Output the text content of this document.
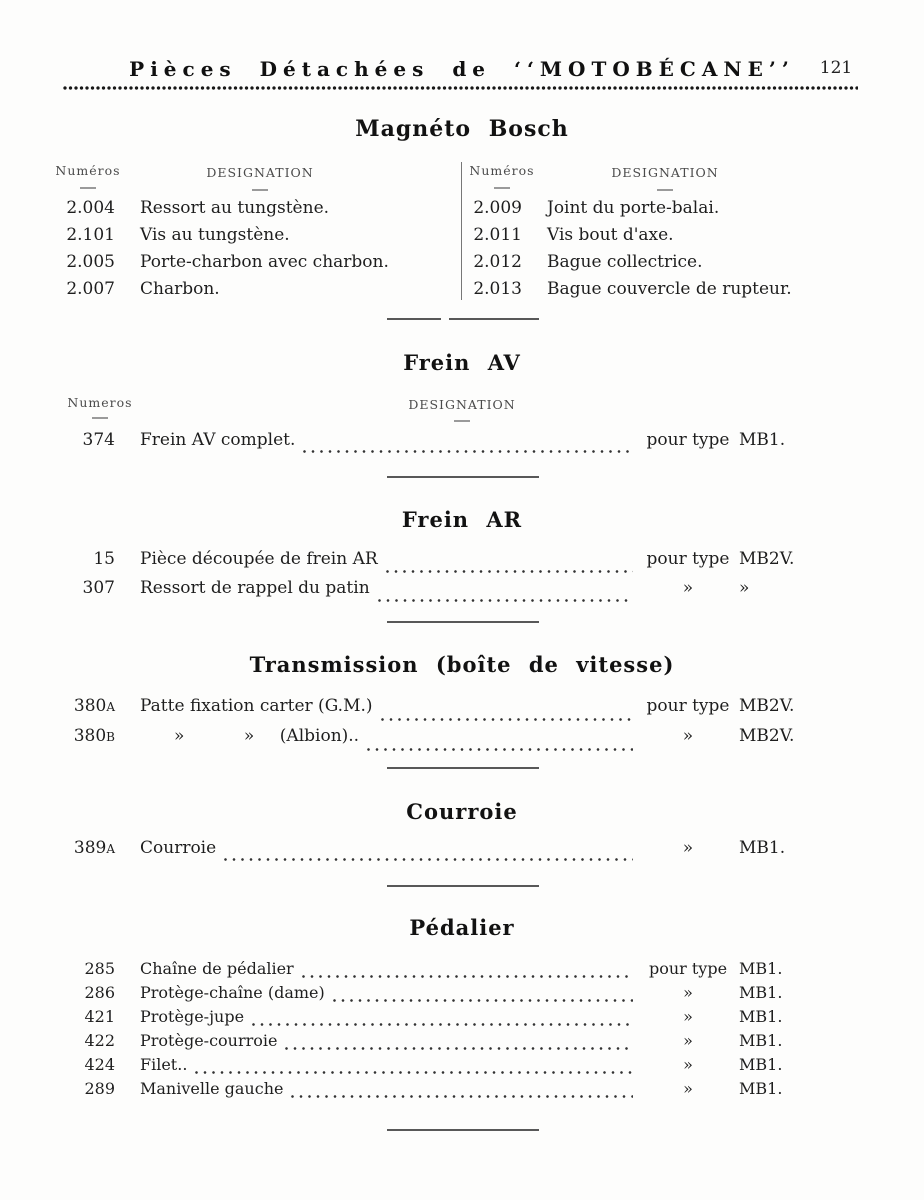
Pièces Détachées de ‘‘MOTOBÉCANE’’	121
Magnéto Bosch
Numéros	DESIGNATION	Numéros	DESIGNATION
2.004 Ressort au tungstène.
2.101 Vis au tungstène.
2.005 Porte-charbon avec charbon.
2.007 Charbon.
2.009 Joint du porte-balai.
2.011 Vis bout d'axe.
2.012 Bague collectrice.
2.013 Bague couvercle de rupteur.
Frein AV
Numeros	DESIGNATION
374 Frein AV complet.	pour type MB1.
Frein AR
15 Pièce découpée de frein AR	pour type MB2V.
307 Ressort de rappel du patin	»	»
Transmission (boîte de vitesse)
380A Patte fixation carter (G.M.)	pour type MB2V.
380B     »       »   (Albion)..	»	MB2V.
Courroie
389A Courroie	»	MB1.
Pédalier
285 Chaîne de pédalier	pour type MB1.
286 Protège-chaîne (dame)	»	MB1.
421 Protège-jupe	»	MB1.
422 Protège-courroie	»	MB1.
424 Filet..	»	MB1.
289 Manivelle gauche	»	MB1.
